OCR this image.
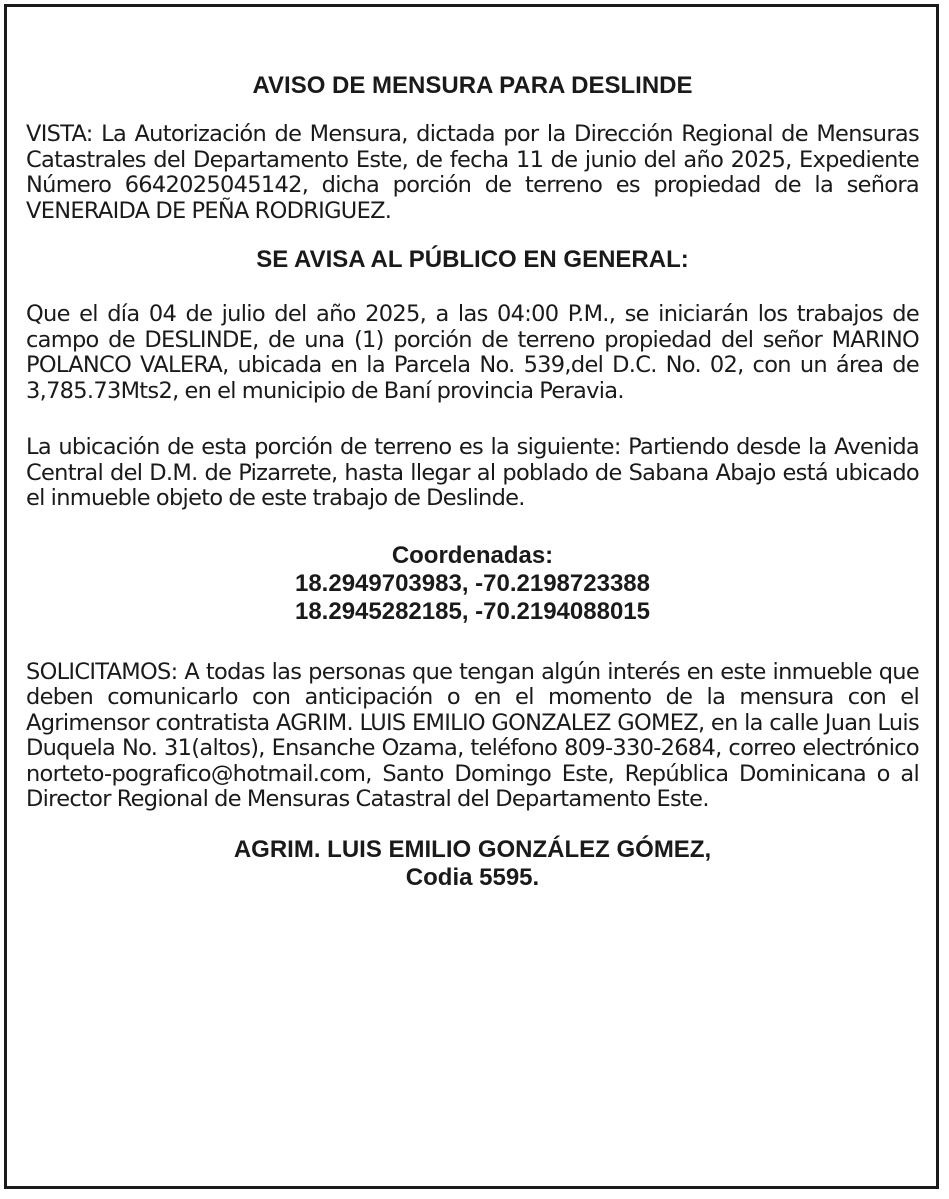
AVISO DE MENSURA PARA DESLINDE

VISTA: La Autorización de Mensura, dictada por la Dirección Regional de Mensuras Catastrales del Departamento Este, de fecha 11 de junio del año 2025, Expediente Número 6642025045142, dicha porción de terreno es propiedad de la señora VENERAIDA DE PEÑA RODRIGUEZ.

SE AVISA AL PÚBLICO EN GENERAL:

Que el día 04 de julio del año 2025, a las 04:00 P.M., se iniciarán los trabajos de campo de DESLINDE, de una (1) porción de terreno propiedad del señor MARINO POLANCO VALERA, ubicada en la Parcela No. 539,del D.C. No. 02, con un área de 3,785.73Mts2, en el municipio de Baní provincia Peravia.

La ubicación de esta porción de terreno es la siguiente: Partiendo desde la Avenida Central del D.M. de Pizarrete, hasta llegar al poblado de Sabana Abajo está ubicado el inmueble objeto de este trabajo de Deslinde.

Coordenadas:
18.2949703983, -70.2198723388
18.2945282185, -70.2194088015

SOLICITAMOS: A todas las personas que tengan algún interés en este inmueble que deben comunicarlo con anticipación o en el momento de la mensura con el Agrimensor contratista AGRIM. LUIS EMILIO GONZALEZ GOMEZ, en la calle Juan Luis Duquela No. 31(altos), Ensanche Ozama, teléfono 809-330-2684, correo electrónico norteto-pografico@hotmail.com, Santo Domingo Este, República Dominicana o al Director Regional de Mensuras Catastral del Departamento Este.

AGRIM. LUIS EMILIO GONZÁLEZ GÓMEZ,
Codia 5595.
